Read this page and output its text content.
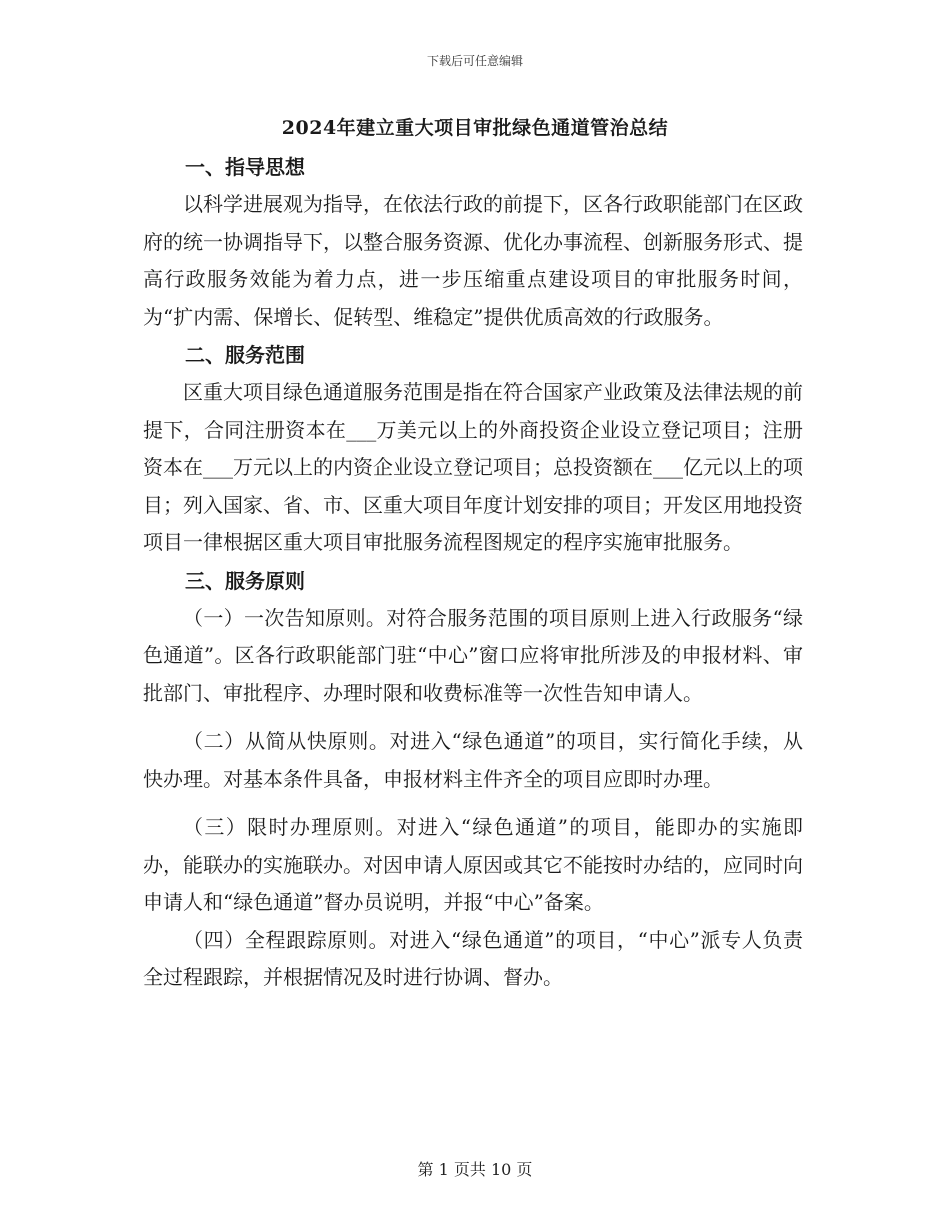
下载后可任意编辑
2024年建立重大项目审批绿色通道管治总结
一、指导思想

以科学进展观为指导，在依法行政的前提下，区各行政职能部门在区政府的统一协调指导下，以整合服务资源、优化办事流程、创新服务形式、提高行政服务效能为着力点，进一步压缩重点建设项目的审批服务时间，为“扩内需、保增长、促转型、维稳定”提供优质高效的行政服务。

二、服务范围

区重大项目绿色通道服务范围是指在符合国家产业政策及法律法规的前提下，合同注册资本在___万美元以上的外商投资企业设立登记项目；注册资本在___万元以上的内资企业设立登记项目；总投资额在___亿元以上的项目；列入国家、省、市、区重大项目年度计划安排的项目；开发区用地投资项目一律根据区重大项目审批服务流程图规定的程序实施审批服务。

三、服务原则

（一）一次告知原则。对符合服务范围的项目原则上进入行政服务“绿色通道”。区各行政职能部门驻“中心”窗口应将审批所涉及的申报材料、审批部门、审批程序、办理时限和收费标准等一次性告知申请人。

（二）从简从快原则。对进入“绿色通道”的项目，实行简化手续，从快办理。对基本条件具备，申报材料主件齐全的项目应即时办理。

（三）限时办理原则。对进入“绿色通道”的项目，能即办的实施即办，能联办的实施联办。对因申请人原因或其它不能按时办结的，应同时向申请人和“绿色通道”督办员说明，并报“中心”备案。

（四）全程跟踪原则。对进入“绿色通道”的项目，“中心”派专人负责全过程跟踪，并根据情况及时进行协调、督办。

第 1 页共 10 页
